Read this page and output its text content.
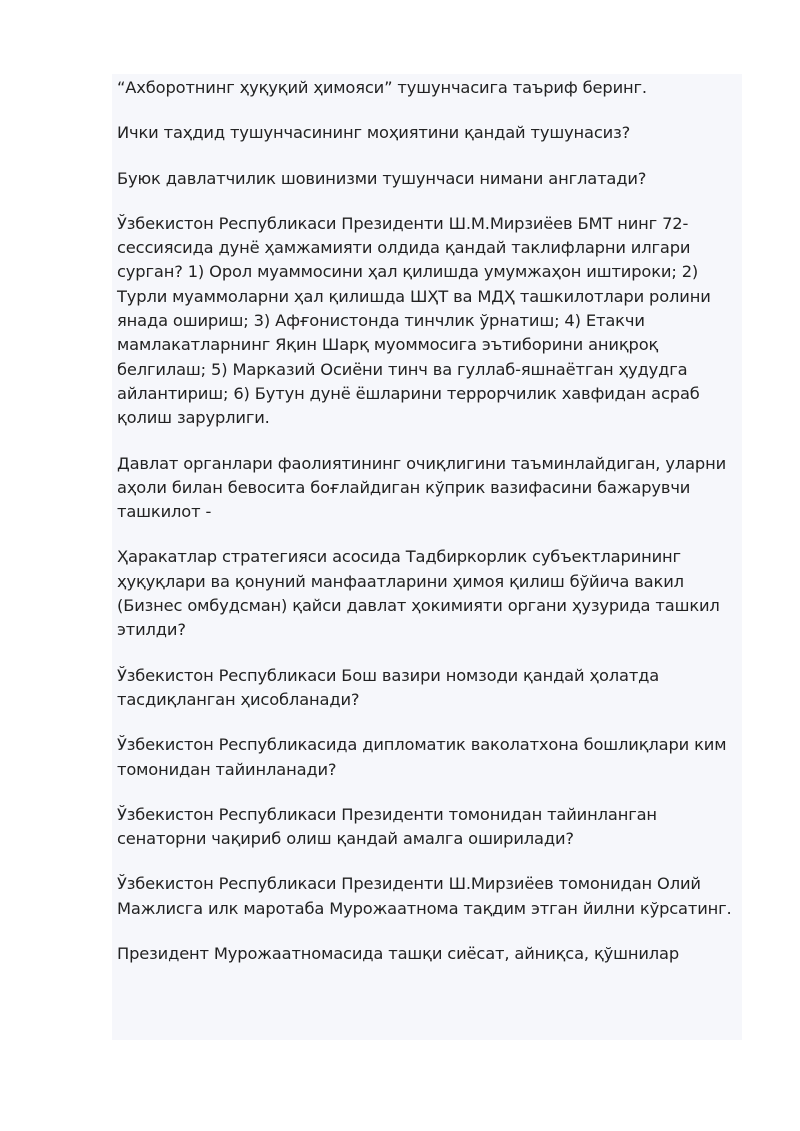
“Ахборотнинг ҳуқуқий ҳимояси” тушунчасига таъриф беринг.

Ички таҳдид тушунчасининг моҳиятини қандай тушунасиз?

Буюк давлатчилик шовинизми тушунчаси нимани англатади?

Ўзбекистон Республикаси Президенти Ш.М.Мирзиёев БМТ нинг 72-сессиясида дунё ҳамжамияти олдида қандай таклифларни илгари сурган? 1) Орол муаммосини ҳал қилишда умумжаҳон иштироки; 2) Турли муаммоларни ҳал қилишда ШҲТ ва МДҲ ташкилотлари ролини янада ошириш; 3) Афғонистонда тинчлик ўрнатиш; 4) Етакчи мамлакатларнинг Яқин Шарқ муоммосига эътиборини аниқроқ белгилаш; 5) Марказий Осиёни тинч ва гуллаб-яшнаётган ҳудудга айлантириш; 6) Бутун дунё ёшларини террорчилик хавфидан асраб қолиш зарурлиги.

Давлат органлари фаолиятининг очиқлигини таъминлайдиган, уларни аҳоли билан бевосита боғлайдиган кўприк вазифасини бажарувчи ташкилот -

Ҳаракатлар стратегияси асосида Тадбиркорлик субъектларининг ҳуқуқлари ва қонуний манфаатларини ҳимоя қилиш бўйича вакил (Бизнес омбудсман) қайси давлат ҳокимияти органи ҳузурида ташкил этилди?

Ўзбекистон Республикаси Бош вазири номзоди қандай ҳолатда тасдиқланган ҳисобланади?

Ўзбекистон Республикасида дипломатик ваколатхона бошлиқлари ким томонидан тайинланади?

Ўзбекистон Республикаси Президенти томонидан тайинланган сенаторни чақириб олиш қандай амалга оширилади?

Ўзбекистон Республикаси Президенти Ш.Мирзиёев томонидан Олий Мажлисга илк маротаба Мурожаатнома тақдим этган йилни кўрсатинг.

Президент Мурожаатномасида ташқи сиёсат, айниқса, қўшнилар
